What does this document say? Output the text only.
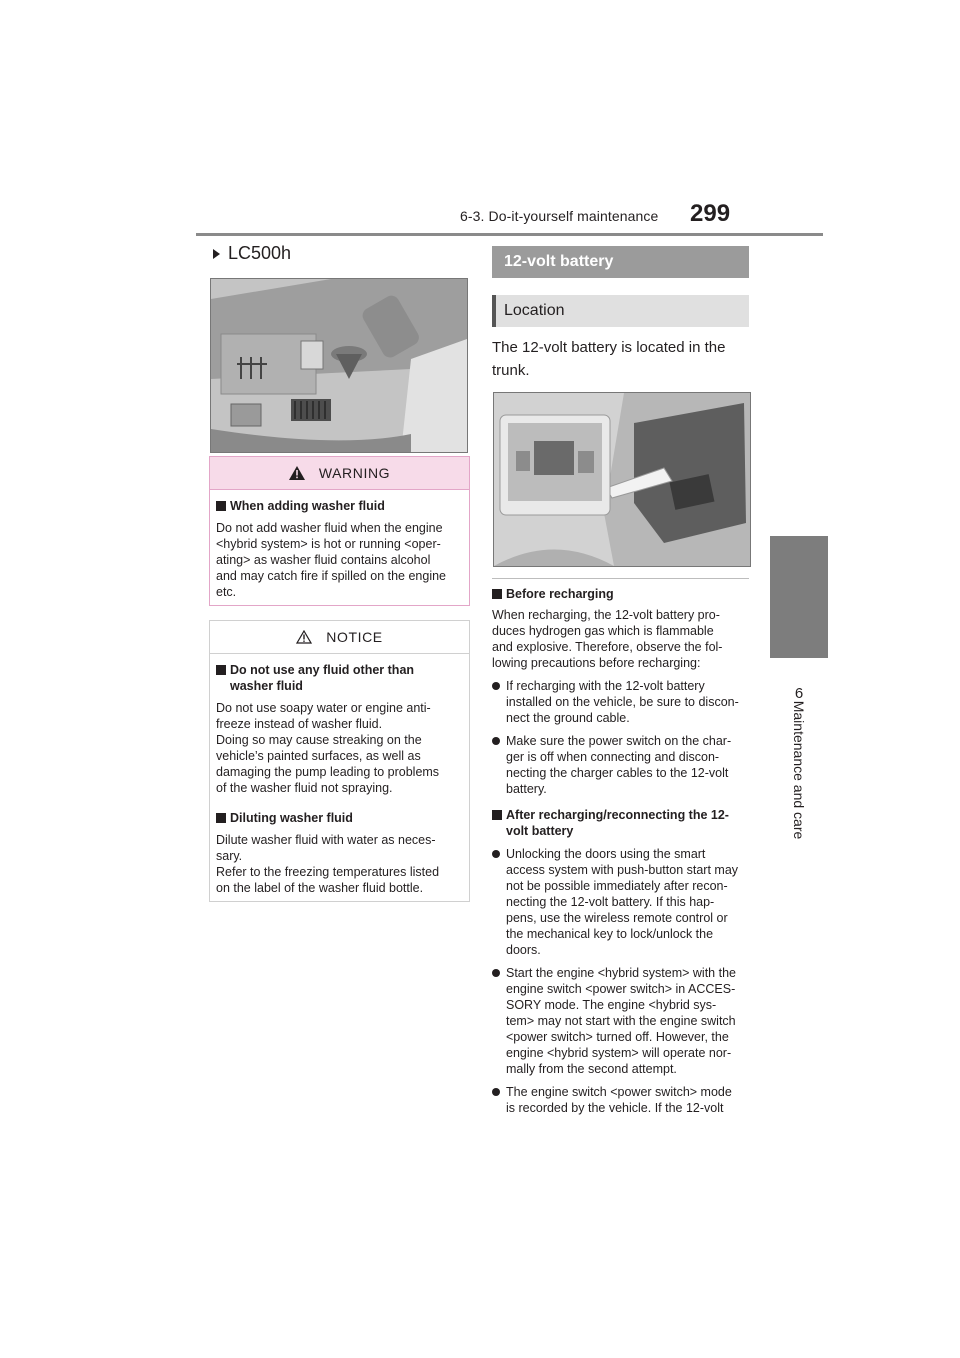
6-3. Do-it-yourself maintenance 299
6
Maintenance and care
LC500h
WARNING
When adding washer fluid
Do not add washer fluid when the engine
<hybrid system> is hot or running <oper-
ating> as washer fluid contains alcohol
and may catch fire if spilled on the engine
etc.
NOTICE
Do not use any fluid other than
washer fluid
Do not use soapy water or engine anti-
freeze instead of washer fluid.
Doing so may cause streaking on the
vehicle’s painted surfaces, as well as
damaging the pump leading to problems
of the washer fluid not spraying.
Diluting washer fluid
Dilute washer fluid with water as neces-
sary.
Refer to the freezing temperatures listed
on the label of the washer fluid bottle.
12-volt battery
Location
The 12-volt battery is located in the trunk.
Before recharging
When recharging, the 12-volt battery pro-
duces hydrogen gas which is flammable
and explosive. Therefore, observe the fol-
lowing precautions before recharging:
If recharging with the 12-volt battery
installed on the vehicle, be sure to discon-
nect the ground cable.
Make sure the power switch on the char-
ger is off when connecting and discon-
necting the charger cables to the 12-volt
battery.
After recharging/reconnecting the 12-
volt battery
Unlocking the doors using the smart
access system with push-button start may
not be possible immediately after recon-
necting the 12-volt battery. If this hap-
pens, use the wireless remote control or
the mechanical key to lock/unlock the
doors.
Start the engine <hybrid system> with the
engine switch <power switch> in ACCES-
SORY mode. The engine <hybrid sys-
tem> may not start with the engine switch
<power switch> turned off. However, the
engine <hybrid system> will operate nor-
mally from the second attempt.
The engine switch <power switch> mode
is recorded by the vehicle. If the 12-volt
